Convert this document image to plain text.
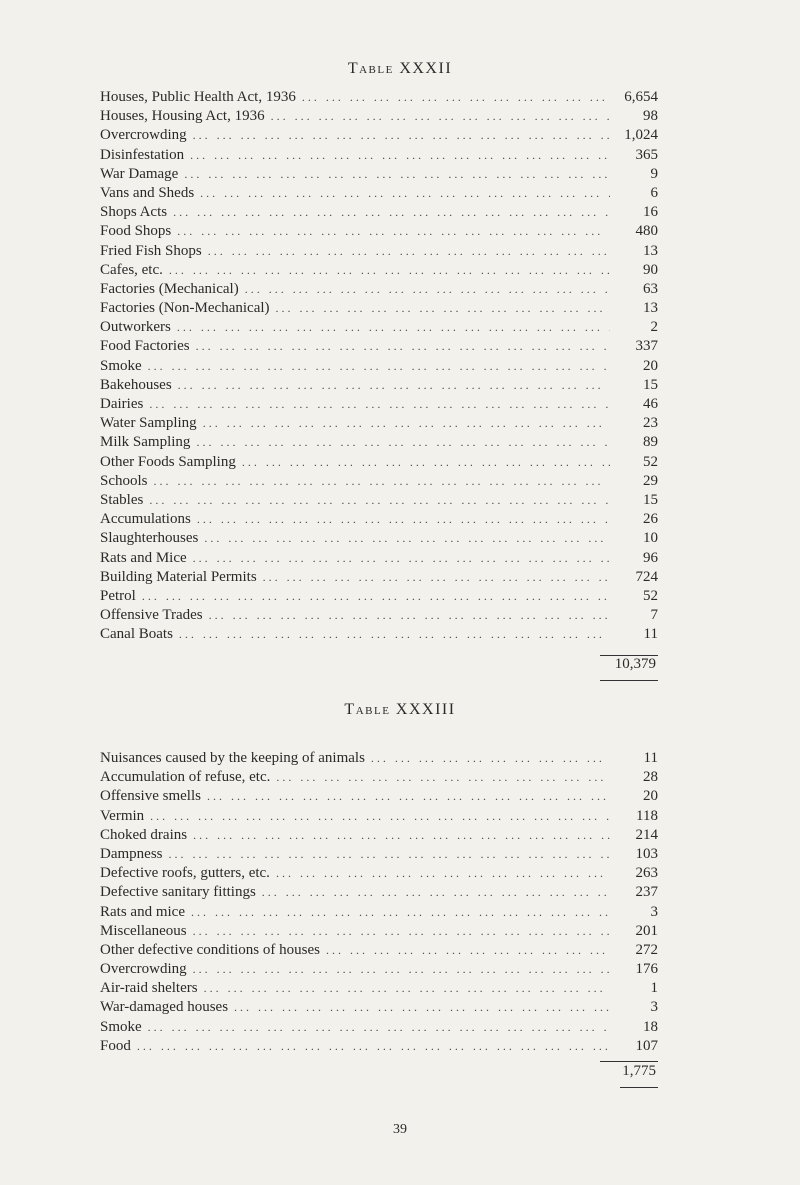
Table XXXII
Houses, Public Health Act, 1936 ... .	6,654
Houses, Housing Act, 1936 ... .	98
Overcrowding ... .	1,024
Disinfestation ... .	365
War Damage ... .	9
Vans and Sheds ... .	6
Shops Acts ... .	16
Food Shops ... .	480
Fried Fish Shops ... .	13
Cafes, etc. ... .	90
Factories (Mechanical) ... .	63
Factories (Non-Mechanical) ... .	13
Outworkers ... .	2
Food Factories ... .	337
Smoke ... .	20
Bakehouses ... .	15
Dairies ... .	46
Water Sampling ... .	23
Milk Sampling ... .	89
Other Foods Sampling ... .	52
Schools ... .	29
Stables ... .	15
Accumulations ... .	26
Slaughterhouses ... .	10
Rats and Mice ... .	96
Building Material Permits ... .	724
Petrol ... .	52
Offensive Trades ... .	7
Canal Boats ... .	11
10,379
Table XXXIII
Nuisances caused by the keeping of animals ... .	11
Accumulation of refuse, etc. ... .	28
Offensive smells ... .	20
Vermin ... .	118
Choked drains ... .	214
Dampness ... .	103
Defective roofs, gutters, etc. ... .	263
Defective sanitary fittings ... .	237
Rats and mice ... .	3
Miscellaneous ... .	201
Other defective conditions of houses ... .	272
Overcrowding ... .	176
Air-raid shelters ... .	1
War-damaged houses ... .	3
Smoke ... .	18
Food ... .	107
1,775
39
